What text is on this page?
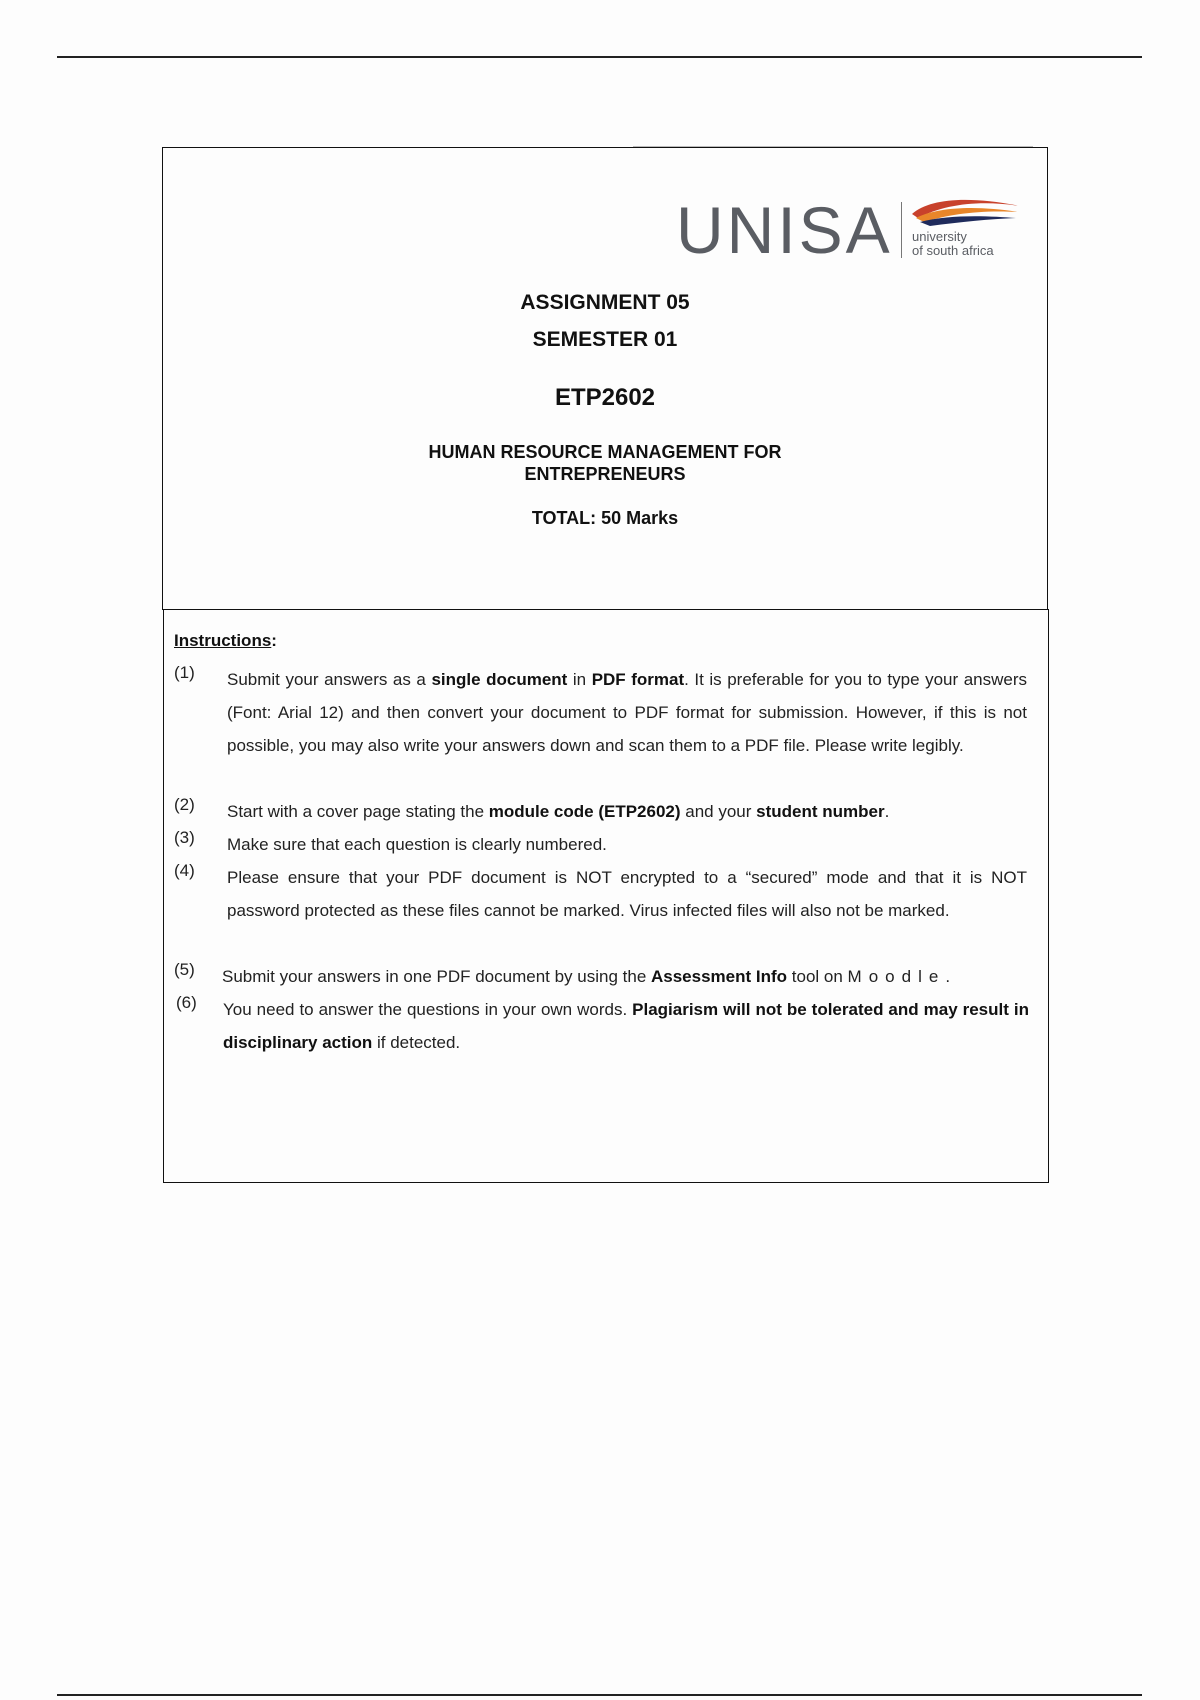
UNISA university
of south africa
ASSIGNMENT 05
SEMESTER 01
ETP2602
HUMAN RESOURCE MANAGEMENT FOR
ENTREPRENEURS
TOTAL: 50 Marks
Instructions:
(1) Submit your answers as a single document in PDF format. It is preferable for you to type your answers (Font: Arial 12) and then convert your document to PDF format for submission. However, if this is not possible, you may also write your answers down and scan them to a PDF file. Please write legibly.
(2) Start with a cover page stating the module code (ETP2602) and your student number.
(3) Make sure that each question is clearly numbered.
(4) Please ensure that your PDF document is NOT encrypted to a “secured” mode and that it is NOT password protected as these files cannot be marked. Virus infected files will also not be marked.
(5) Submit your answers in one PDF document by using the Assessment Info tool on Moodle.
(6) You need to answer the questions in your own words. Plagiarism will not be tolerated and may result in disciplinary action if detected.
